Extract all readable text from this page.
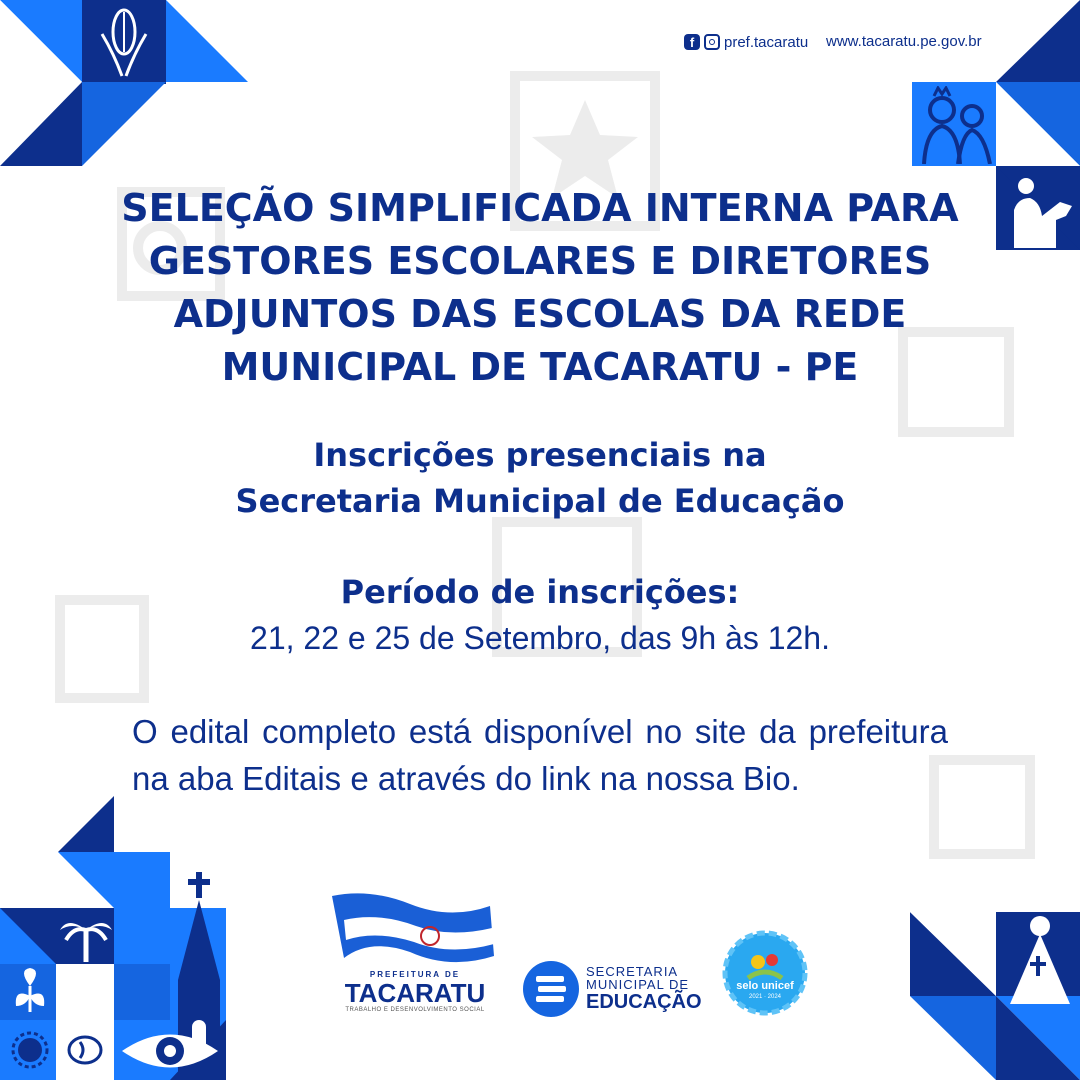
f	pref.tacaratu www.tacaratu.pe.gov.br
SELEÇÃO SIMPLIFICADA INTERNA PARA
GESTORES ESCOLARES E DIRETORES
ADJUNTOS DAS ESCOLAS DA REDE
MUNICIPAL DE TACARATU - PE
Inscrições presenciais na
Secretaria Municipal de Educação
Período de inscrições:
21, 22 e 25 de Setembro, das 9h às 12h.
O edital completo está disponível no site da prefeitura na aba Editais e através do link na nossa Bio.
PREFEITURA DE
TACARATU
TRABALHO E DESENVOLVIMENTO SOCIAL
SECRETARIA
MUNICIPAL DE
EDUCAÇÃO
selo unicef
2021 · 2024
